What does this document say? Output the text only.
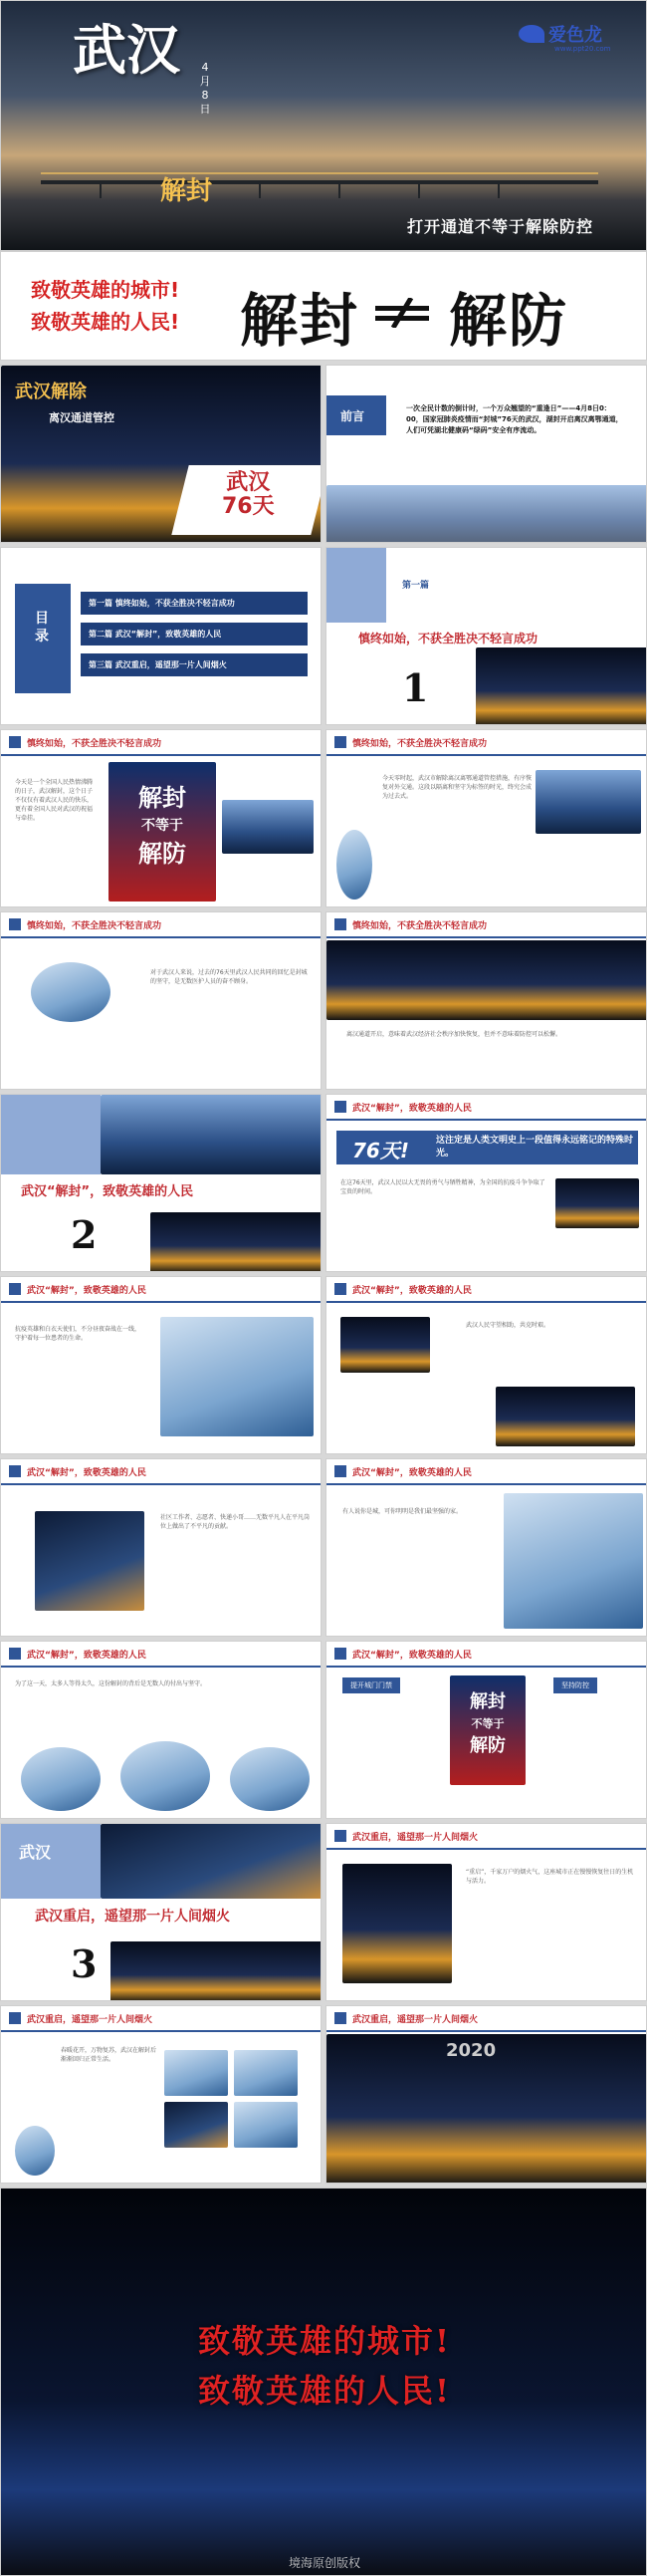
武汉	4月8日
解封
打开通道不等于解除防控
爱色龙
www.ppt20.com
致敬英雄的城市!
致敬英雄的人民! 解封 解防
武汉解除
离汉通道管控
武汉
76天
前言
一次全民计数的倒计时，一个万众翘望的“重逢日”——4月8日0：00，国家冠肺炎疫情而“封城”76天的武汉，湖封开启离汉离鄂通道，人们可凭湖北健康码“绿码”安全有序流动。
目录
第一篇 慎终如始，不获全胜决不轻言成功
第二篇 武汉“解封”，致敬英雄的人民
第三篇 武汉重启，遥望那一片人间烟火
第一篇
1
慎终如始，不获全胜决不轻言成功
慎终如始，不获全胜决不轻言成功
今天是一个全国人民热情沸腾的日子，武汉解封，这个日子不仅仅有着武汉人民的快乐，更有着全国人民对武汉的祝福与牵挂。
解封
不等于
解防
慎终如始，不获全胜决不轻言成功
今天零时起，武汉市解除离汉离鄂通道管控措施，有序恢复对外交通。这段以隔离和坚守为标签的时光，终究会成为过去式。
慎终如始，不获全胜决不轻言成功
对于武汉人来说，过去的76天里武汉人民共同的回忆是封城的坚守，是无数医护人员的奋不顾身。
慎终如始，不获全胜决不轻言成功
离汉通道开启，意味着武汉经济社会秩序加快恢复，但并不意味着防控可以松懈。
武汉“解封”，致敬英雄的人民
2
武汉“解封”，致敬英雄的人民
76天!	这注定是人类文明史上一段值得永远铭记的特殊时光。
在这76天里，武汉人民以大无畏的勇气与牺牲精神，为全国的抗疫斗争争取了宝贵的时间。
武汉“解封”，致敬英雄的人民
抗疫英雄和白衣天使们，不分昼夜奋战在一线，守护着每一位患者的生命。
武汉“解封”，致敬英雄的人民
武汉人民守望相助，共克时艰。
武汉“解封”，致敬英雄的人民
社区工作者、志愿者、快递小哥……无数平凡人在平凡岗位上做出了不平凡的贡献。
武汉“解封”，致敬英雄的人民
有人说你是城，可你明明是我们最坚强的家。
武汉“解封”，致敬英雄的人民
为了这一天，太多人等得太久，这份解封的背后是无数人的付出与坚守。
武汉“解封”，致敬英雄的人民
提开城门门禁	坚持防控
解封
不等于
解防
武汉
武汉重启，遥望那一片人间烟火
3
武汉重启，遥望那一片人间烟火
“重启”，千家万户的烟火气，这座城市正在慢慢恢复往日的生机与活力。
武汉重启，遥望那一片人间烟火
春暖花开，万物复苏，武汉在解封后渐渐回归正常生活。
武汉重启，遥望那一片人间烟火
2020
致敬英雄的城市!
致敬英雄的人民!
境海原创版权
